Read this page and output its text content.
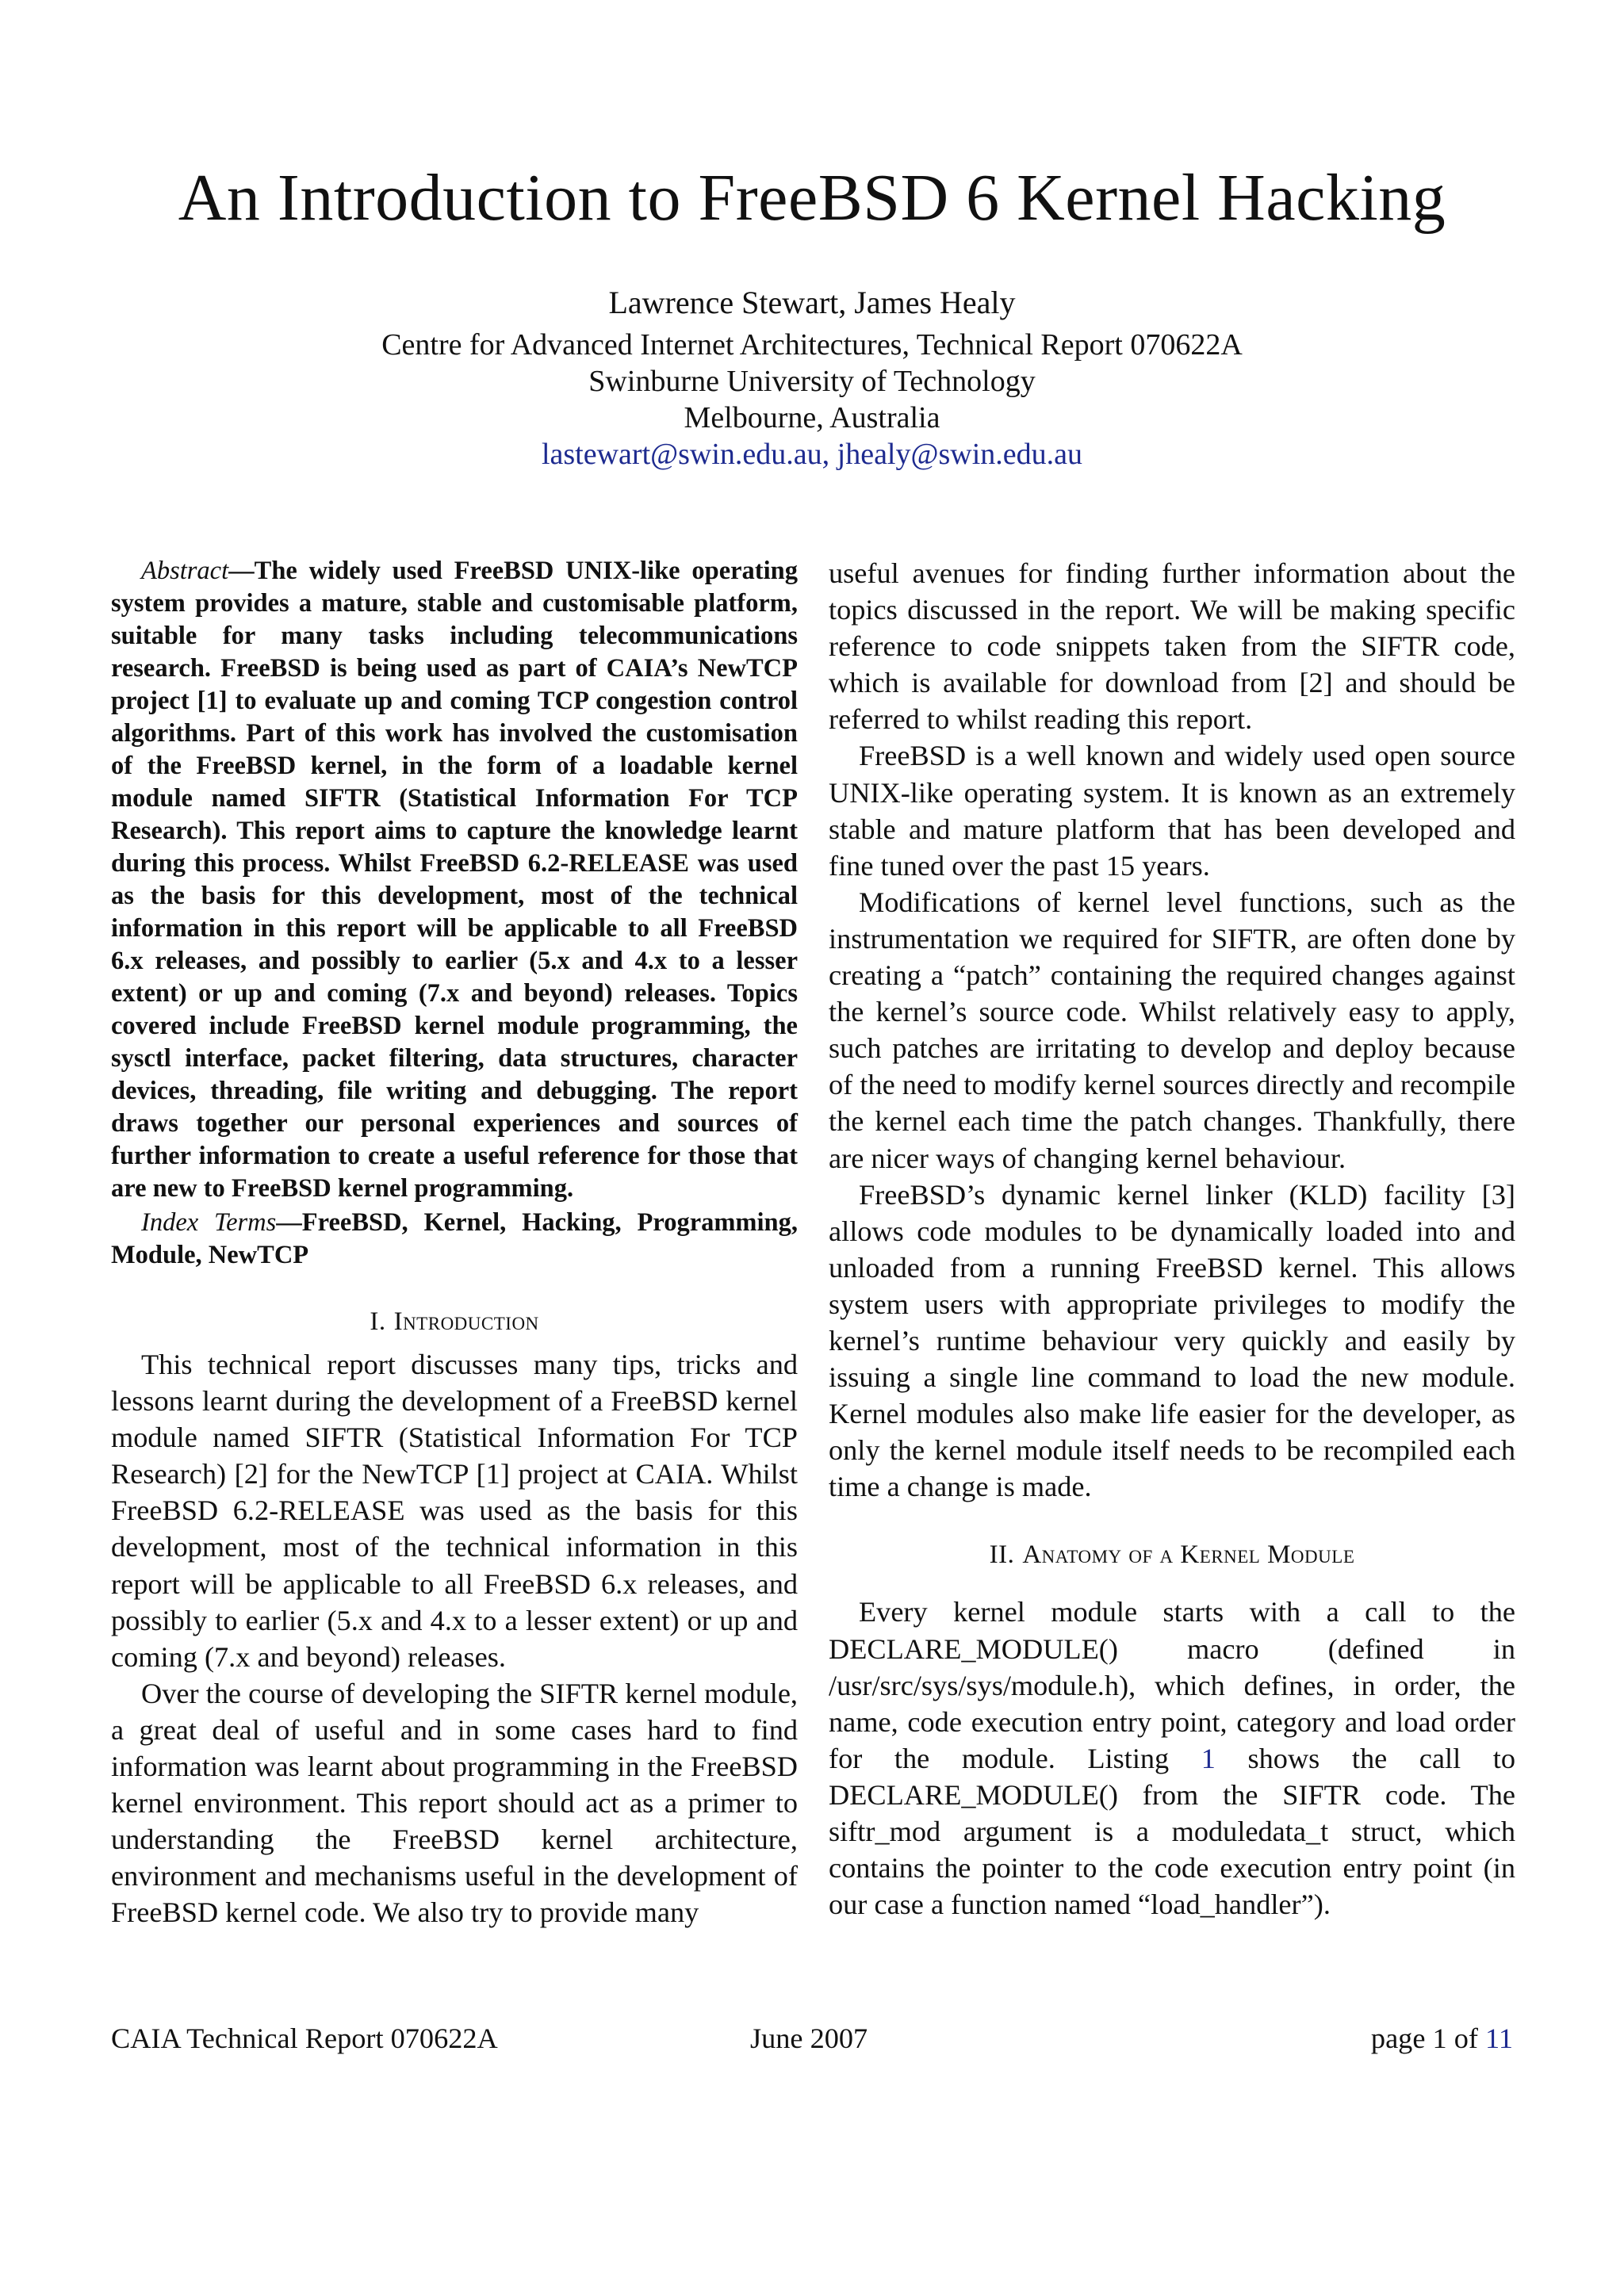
An Introduction to FreeBSD 6 Kernel Hacking
Lawrence Stewart, James Healy
Centre for Advanced Internet Architectures, Technical Report 070622A
Swinburne University of Technology
Melbourne, Australia
lastewart@swin.edu.au, jhealy@swin.edu.au

Abstract—The widely used FreeBSD UNIX-like operating system provides a mature, stable and customisable platform, suitable for many tasks including telecommunications research. FreeBSD is being used as part of CAIA’s NewTCP project [1] to evaluate up and coming TCP congestion control algorithms. Part of this work has involved the customisation of the FreeBSD kernel, in the form of a loadable kernel module named SIFTR (Statistical Information For TCP Research). This report aims to capture the knowledge learnt during this process. Whilst FreeBSD 6.2-RELEASE was used as the basis for this development, most of the technical information in this report will be applicable to all FreeBSD 6.x releases, and possibly to earlier (5.x and 4.x to a lesser extent) or up and coming (7.x and beyond) releases. Topics covered include FreeBSD kernel module programming, the sysctl interface, packet filtering, data structures, character devices, threading, file writing and debugging. The report draws together our personal experiences and sources of further information to create a useful reference for those that are new to FreeBSD kernel programming.

Index Terms—FreeBSD, Kernel, Hacking, Programming, Module, NewTCP

I. Introduction

This technical report discusses many tips, tricks and lessons learnt during the development of a FreeBSD kernel module named SIFTR (Statistical Information For TCP Research) [2] for the NewTCP [1] project at CAIA. Whilst FreeBSD 6.2-RELEASE was used as the basis for this development, most of the technical information in this report will be applicable to all FreeBSD 6.x releases, and possibly to earlier (5.x and 4.x to a lesser extent) or up and coming (7.x and beyond) releases.

Over the course of developing the SIFTR kernel module, a great deal of useful and in some cases hard to find information was learnt about programming in the FreeBSD kernel environment. This report should act as a primer to understanding the FreeBSD kernel architecture, environment and mechanisms useful in the development of FreeBSD kernel code. We also try to provide many

useful avenues for finding further information about the topics discussed in the report. We will be making specific reference to code snippets taken from the SIFTR code, which is available for download from [2] and should be referred to whilst reading this report.

FreeBSD is a well known and widely used open source UNIX-like operating system. It is known as an extremely stable and mature platform that has been developed and fine tuned over the past 15 years.

Modifications of kernel level functions, such as the instrumentation we required for SIFTR, are often done by creating a “patch” containing the required changes against the kernel’s source code. Whilst relatively easy to apply, such patches are irritating to develop and deploy because of the need to modify kernel sources directly and recompile the kernel each time the patch changes. Thankfully, there are nicer ways of changing kernel behaviour.

FreeBSD’s dynamic kernel linker (KLD) facility [3] allows code modules to be dynamically loaded into and unloaded from a running FreeBSD kernel. This allows system users with appropriate privileges to modify the kernel’s runtime behaviour very quickly and easily by issuing a single line command to load the new module. Kernel modules also make life easier for the developer, as only the kernel module itself needs to be recompiled each time a change is made.

II. Anatomy of a Kernel Module

Every kernel module starts with a call to the DECLARE_MODULE() macro (defined in /usr/src/sys/sys/module.h), which defines, in order, the name, code execution entry point, category and load order for the module. Listing 1 shows the call to DECLARE_MODULE() from the SIFTR code. The siftr_mod argument is a moduledata_t struct, which contains the pointer to the code execution entry point (in our case a function named “load_handler”).

CAIA Technical Report 070622A	June 2007	page 1 of 11
